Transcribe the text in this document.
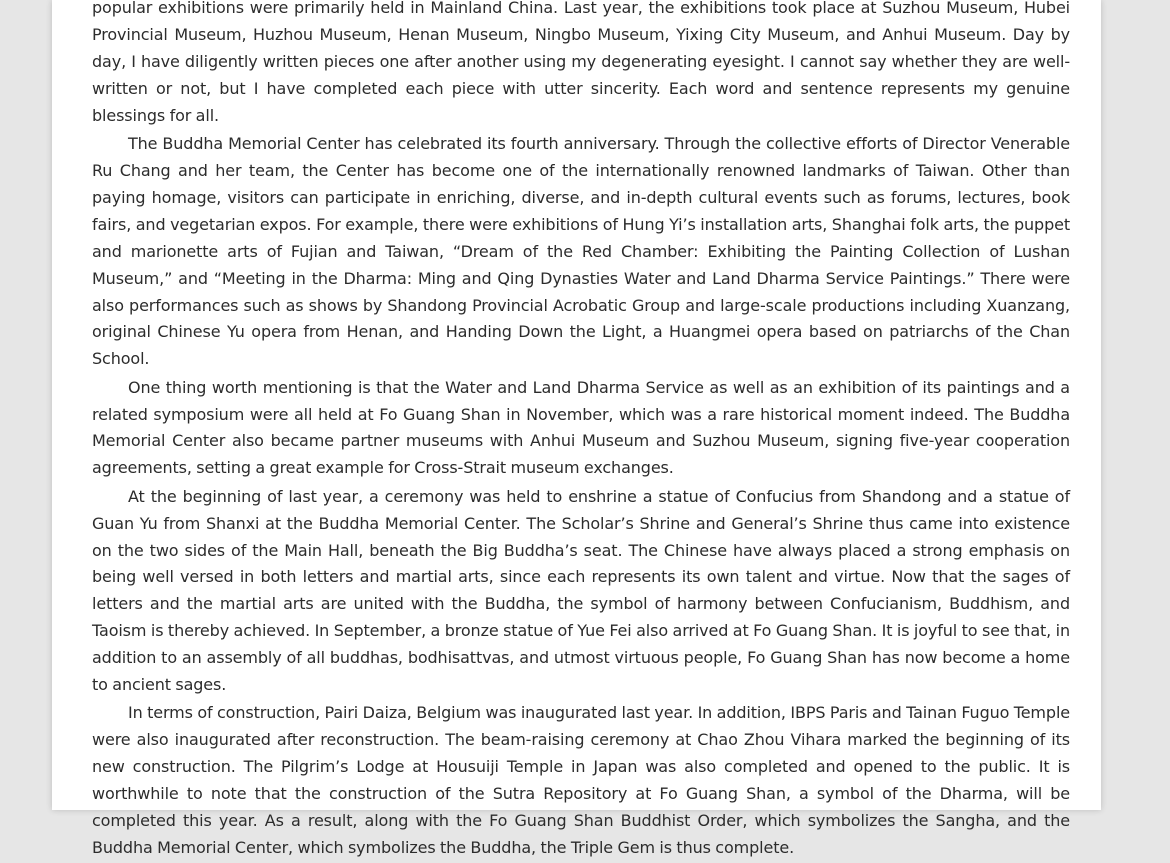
popular exhibitions were primarily held in Mainland China. Last year, the exhibitions took place at Suzhou Museum, Hubei Provincial Museum, Huzhou Museum, Henan Museum, Ningbo Museum, Yixing City Museum, and Anhui Museum. Day by day, I have diligently written pieces one after another using my degenerating eyesight. I cannot say whether they are well-written or not, but I have completed each piece with utter sincerity. Each word and sentence represents my genuine blessings for all.

The Buddha Memorial Center has celebrated its fourth anniversary. Through the collective efforts of Director Venerable Ru Chang and her team, the Center has become one of the internationally renowned landmarks of Taiwan. Other than paying homage, visitors can participate in enriching, diverse, and in-depth cultural events such as forums, lectures, book fairs, and vegetarian expos. For example, there were exhibitions of Hung Yi’s installation arts, Shanghai folk arts, the puppet and marionette arts of Fujian and Taiwan, “Dream of the Red Chamber: Exhibiting the Painting Collection of Lushan Museum,” and “Meeting in the Dharma: Ming and Qing Dynasties Water and Land Dharma Service Paintings.” There were also performances such as shows by Shandong Provincial Acrobatic Group and large-scale productions including Xuanzang, original Chinese Yu opera from Henan, and Handing Down the Light, a Huangmei opera based on patriarchs of the Chan School.

One thing worth mentioning is that the Water and Land Dharma Service as well as an exhibition of its paintings and a related symposium were all held at Fo Guang Shan in November, which was a rare historical moment indeed. The Buddha Memorial Center also became partner museums with Anhui Museum and Suzhou Museum, signing five-year cooperation agreements, setting a great example for Cross-Strait museum exchanges.

At the beginning of last year, a ceremony was held to enshrine a statue of Confucius from Shandong and a statue of Guan Yu from Shanxi at the Buddha Memorial Center. The Scholar’s Shrine and General’s Shrine thus came into existence on the two sides of the Main Hall, beneath the Big Buddha’s seat. The Chinese have always placed a strong emphasis on being well versed in both letters and martial arts, since each represents its own talent and virtue. Now that the sages of letters and the martial arts are united with the Buddha, the symbol of harmony between Confucianism, Buddhism, and Taoism is thereby achieved. In September, a bronze statue of Yue Fei also arrived at Fo Guang Shan. It is joyful to see that, in addition to an assembly of all buddhas, bodhisattvas, and utmost virtuous people, Fo Guang Shan has now become a home to ancient sages.

In terms of construction, Pairi Daiza, Belgium was inaugurated last year. In addition, IBPS Paris and Tainan Fuguo Temple were also inaugurated after reconstruction. The beam-raising ceremony at Chao Zhou Vihara marked the beginning of its new construction. The Pilgrim’s Lodge at Housuiji Temple in Japan was also completed and opened to the public. It is worthwhile to note that the construction of the Sutra Repository at Fo Guang Shan, a symbol of the Dharma, will be completed this year. As a result, along with the Fo Guang Shan Buddhist Order, which symbolizes the Sangha, and the Buddha Memorial Center, which symbolizes the Buddha, the Triple Gem is thus complete.
